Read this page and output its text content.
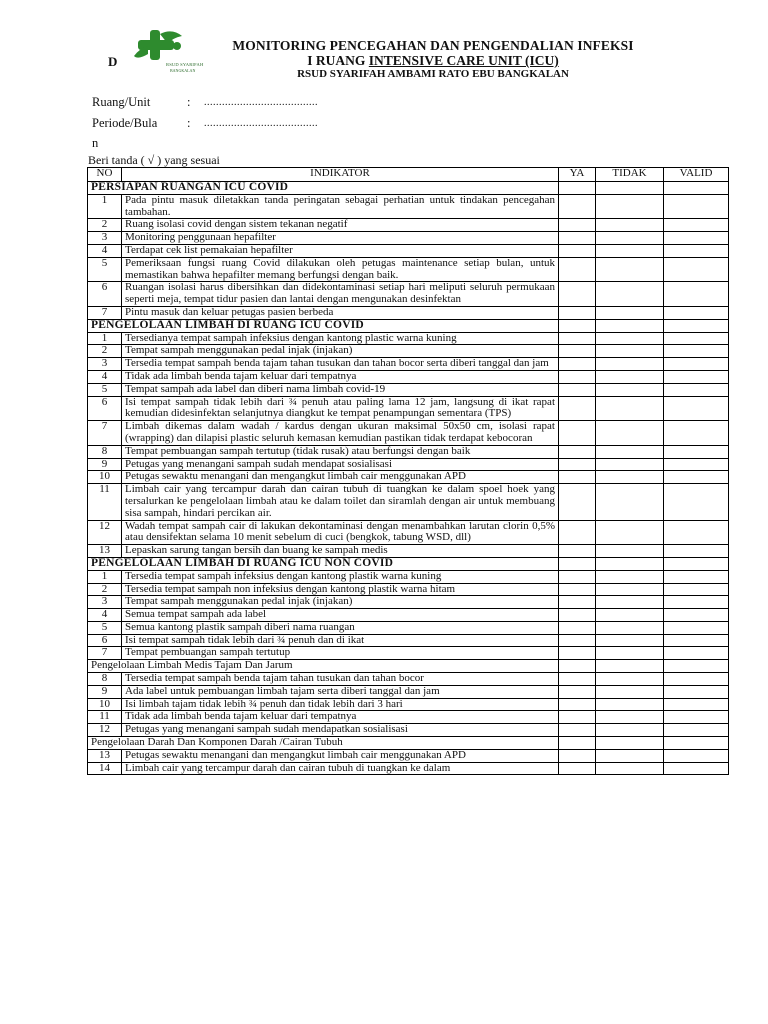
D	RSUD SYARIFAH
BANGKALAN
MONITORING PENCEGAHAN DAN PENGENDALIAN INFEKSI
I RUANG INTENSIVE CARE UNIT (ICU)
RSUD SYARIFAH AMBAMI RATO EBU BANGKALAN
Ruang/Unit	: ......................................
Periode/Bula : ......................................
n
Beri tanda ( √ ) yang sesuai
NO	INDIKATOR	YA	TIDAK	VALID
PERSIAPAN RUANGAN ICU COVID				
1	Pada pintu masuk diletakkan tanda peringatan sebagai perhatian untuk tindakan pencegahan tambahan.			
2	Ruang isolasi covid dengan sistem tekanan negatif			
3	Monitoring penggunaan hepafilter			
4	Terdapat cek list pemakaian hepafilter			
5	Pemeriksaan fungsi ruang Covid dilakukan oleh petugas maintenance setiap bulan, untuk memastikan bahwa hepafilter memang berfungsi dengan baik.			
6	Ruangan isolasi harus dibersihkan dan didekontaminasi setiap hari meliputi seluruh permukaan seperti meja, tempat tidur pasien dan lantai dengan mengunakan desinfektan			
7	Pintu masuk dan keluar petugas pasien berbeda			
PENGELOLAAN LIMBAH DI RUANG ICU COVID				
1	Tersedianya tempat sampah infeksius dengan kantong plastic warna kuning			
2	Tempat sampah menggunakan pedal injak (injakan)			
3	Tersedia tempat sampah benda tajam tahan tusukan dan tahan bocor serta diberi tanggal dan jam			
4	Tidak ada limbah benda tajam keluar dari tempatnya			
5	Tempat sampah ada label dan diberi nama limbah covid-19			
6	Isi tempat sampah tidak lebih dari ¾ penuh atau paling lama 12 jam, langsung di ikat rapat kemudian didesinfektan selanjutnya diangkut ke tempat penampungan sementara (TPS)			
7	Limbah dikemas dalam wadah / kardus dengan ukuran maksimal 50x50 cm, isolasi rapat (wrapping) dan dilapisi plastic seluruh kemasan kemudian pastikan tidak terdapat kebocoran			
8	Tempat pembuangan sampah tertutup (tidak rusak) atau berfungsi dengan baik			
9	Petugas yang menangani sampah sudah mendapat sosialisasi			
10	Petugas sewaktu menangani dan mengangkut limbah cair menggunakan APD			
11	Limbah cair yang tercampur darah dan cairan tubuh di tuangkan ke dalam spoel hoek yang tersalurkan ke pengelolaan limbah atau ke dalam toilet dan siramlah dengan air untuk membuang sisa sampah, hindari percikan air.			
12	Wadah tempat sampah cair di lakukan dekontaminasi dengan menambahkan larutan clorin 0,5% atau densifektan selama 10 menit sebelum di cuci (bengkok, tabung WSD, dll)			
13	Lepaskan sarung tangan bersih dan buang ke sampah medis			
PENGELOLAAN LIMBAH DI RUANG ICU NON COVID				
1	Tersedia tempat sampah infeksius dengan kantong plastik warna kuning			
2	Tersedia tempat sampah non infeksius dengan kantong plastik warna hitam			
3	Tempat sampah menggunakan pedal injak (injakan)			
4	Semua tempat sampah ada label			
5	Semua kantong plastik sampah diberi nama ruangan			
6	Isi tempat sampah tidak lebih dari ¾ penuh dan di ikat			
7	Tempat pembuangan sampah tertutup			
Pengelolaan Limbah Medis Tajam Dan Jarum				
8	Tersedia tempat sampah benda tajam tahan tusukan dan tahan bocor			
9	Ada label untuk pembuangan limbah tajam serta diberi tanggal dan jam			
10	Isi limbah tajam tidak lebih ¾ penuh dan tidak lebih dari 3 hari			
11	Tidak ada limbah benda tajam keluar dari tempatnya			
12	Petugas yang menangani sampah sudah mendapatkan sosialisasi			
Pengelolaan Darah Dan Komponen Darah /Cairan Tubuh				
13	Petugas sewaktu menangani dan mengangkut limbah cair menggunakan APD			
14	Limbah cair yang tercampur darah dan cairan tubuh di tuangkan ke dalam			
